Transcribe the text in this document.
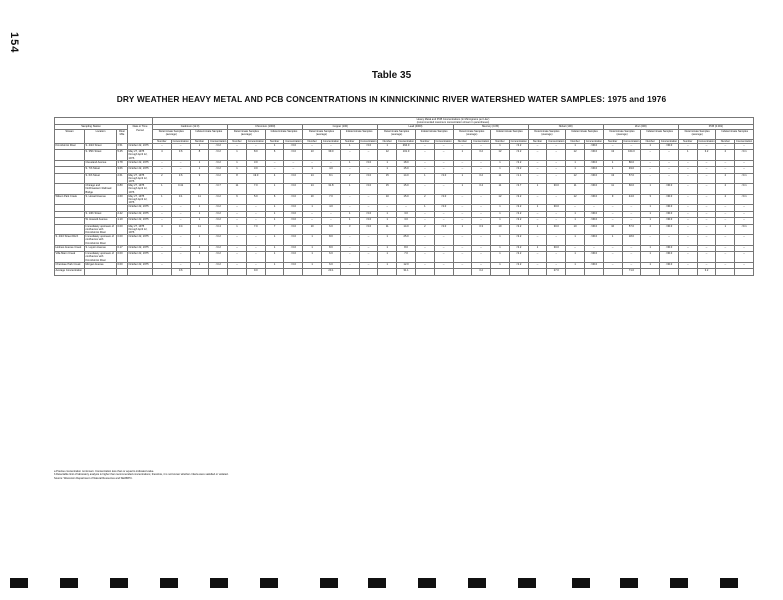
154
Table 35
DRY WEATHER HEAVY METAL AND PCB CONCENTRATIONS IN KINNICKINNIC RIVER WATERSHED WATER SAMPLES: 1975 and 1976
				Heavy Metal and PCB Concentrations (in Micrograms per Liter)
(recommended maximum concentration shown in parentheses)																															
Sampling Station			Date or Time Period	Cadmium (12.0)				Chromium (1000)				Copper (100)				Lead (4000)				Mercury (0.05)				Nickel (100)				Zinc (200)				PCB (0.001)			
Stream	Location	River Mile		Determinate Samples (average)		Indeterminate Samples		Determinate Samples (average)		Indeterminate Samples		Determinate Samples (average)		Indeterminate Samples		Determinate Samples (average)		Indeterminate Samples		Determinate Samples (average)		Indeterminate Samples		Determinate Samples (average)		Indeterminate Samples		Determinate Samples (average)		Indeterminate Samples		Determinate Samples (average)		Indeterminate Samples	
				Number	Concentration	Number	Concentration	Number	Concentration	Number	Concentration	Number	Concentration	Number	Concentration	Number	Concentration	Number	Concentration	Number	Concentration	Number	Concentration	Number	Concentration	Number	Concentration	Number	Concentration	Number	Concentration	Number	Concentration	Number	Concentration

Kinnickinnic River	S. 43rd Street	6.51	October 22, 1975	--	--	1	<3.2	--	--	1	<3.0	--	--	1	<3.0	1	264.0	--	--	--	--	1	<3.2	--	--	1	<30.0	--	--	1	<30.0	--	--	--	--
	S. 35th Street	5.45	May 27, 1975 through April 12, 1976	4	3.6	8	<3.2	1	8.0	6	<3.0	13	39.0	--	--	12	101.0	--	--	1	0.2	12	<3.2	--	--	12	<30.0	13	104.0	--	--	1	3.2	2	<0.1
	Cleveland Avenue	3.78	October 22, 1975	--	--	1	<3.2	1	3.0	--	--	--	--	1	<3.0	1	18.0	--	--	--	--	1	<3.2	--	--	1	<30.0	1	80.0	--	--	--	--	--	--
	S. 7th Street	3.66	October 22, 1975	--	--	1	<3.2	1	3.0	--	--	1	4.0	--	--	1	15.0	--	--	--	--	1	<3.2	--	--	1	<30.0	1	49.0	--	--	--	--	--	--
	S. 6th Street	2.61	May 27, 1975 through April 12, 1976	2	3.6	9	<3.2	8	19.0	4	<3.0	14	8.1	2	<3.0	15	14.0	1	<3.0	1	0.2	11	<1.1	--	--	12	<30.0	13	57.0	--	--	--	--	2	<0.1
	Chicago and Northwestern Railroad Bridge	0.80	May 27, 1975 through April 12, 1976	1	0.41	8	<3.7	11	7.0	1	<3.0	14	31.8	1	<3.0	15	15.0	--	--	1	0.4	11	<3.7	1	30.0	11	<30.0	11	60.0	1	<30.0	--	--	2	<0.1
Wilson Park Creek	S. Howell Avenue	2.60	May 27, 1975 through April 12, 1976	1	0.1	11	<3.2	6	5.0	6	<3.0	10	7.0	--	--	10	15.0	2	<3.0	--	--	12	<3.2	--	--	12	<30.0	9	44.0	3	<30.0	--	--	2	<0.1
			October 22, 1975	--	--	1	<3.2	--	--	1	<3.0	1	4.0	--	--	--	--	1	<3.0	--	--	1	<3.2	1	30.0	--	--	--	--	1	<30.0	--	--	--	--
	S. 13th Street	2.42	October 22, 1975	--	--	1	<3.2	--	--	1	<3.0	--	--	1	<3.0	1	3.0	--	--	--	--	1	<3.2	--	--	1	<30.0	--	--	1	<30.0	--	--	--	--
	W. Howard Avenue	1.10	October 22, 1975	--	--	1	<3.2	--	--	1	<3.0	--	--	1	<3.0	1	3.0	--	--	--	--	1	<3.2	--	--	1	<30.0	--	--	1	<30.0	--	--	--	--
	Immediately upstream of confluence with Kinnickinnic River	0.00	May 27, 1975 through April 12, 1976	4	0.4	11	<3.4	1	7.0	7	<3.0	10	6.0	3	<3.0	11	14.0	2	<3.0	1	0.3	10	<3.2	1	30.0	10	<30.0	10	57.0	4	<30.0	--	--	1	<0.1
S. 43rd Street Ditch	Immediately upstream of confluence with Kinnickinnic River	0.00	October 22, 1975	--	--	1	<3.2	--	--	1	<3.0	1	8.0	--	--	1	25.0	--	--	--	--	1	<3.2	--	--	1	<30.0	1	18.0	--	--	--	--	--	--
Holmes Avenue Creek	S. Layton Avenue	0.17	October 22, 1975	--	--	1	<3.2	--	--	1	<3.0	1	8.0	--	--	1	8.0	--	--	--	--	1	<3.2	1	30.0	--	--	--	--	1	<30.0	--	--	--	--
Villa Mann Creek	Immediately upstream of confluence with Kinnickinnic River	0.00	October 22, 1975	--	--	1	<3.2	--	--	1	<3.0	1	6.0	--	--	1	7.0	--	--	--	--	1	<3.2	--	--	1	<30.0	--	--	1	<30.0	--	--	--	--
Cherokee Park Creek	Morgan Avenue	0.00	October 22, 1975	--	--	1	<3.2	--	--	1	<3.0	1	6.0	--	--	1	12.0	--	--	--	--	1	<3.2	--	--	1	<30.0	--	--	1	<30.0	--	--	--	--
Average Concentration					0.6				9.0				20.1				31.1				0.2				27.0				71.0				3.2		
a Precise concentration not known. Concentration less than or equal to indicated value.
b Detectable limit of laboratory analysis is higher than recommended concentrations; therefore, it is not known whether criteria were satisfied or violated.
Source: Wisconsin Department of Natural Resources and SEWRPC.
